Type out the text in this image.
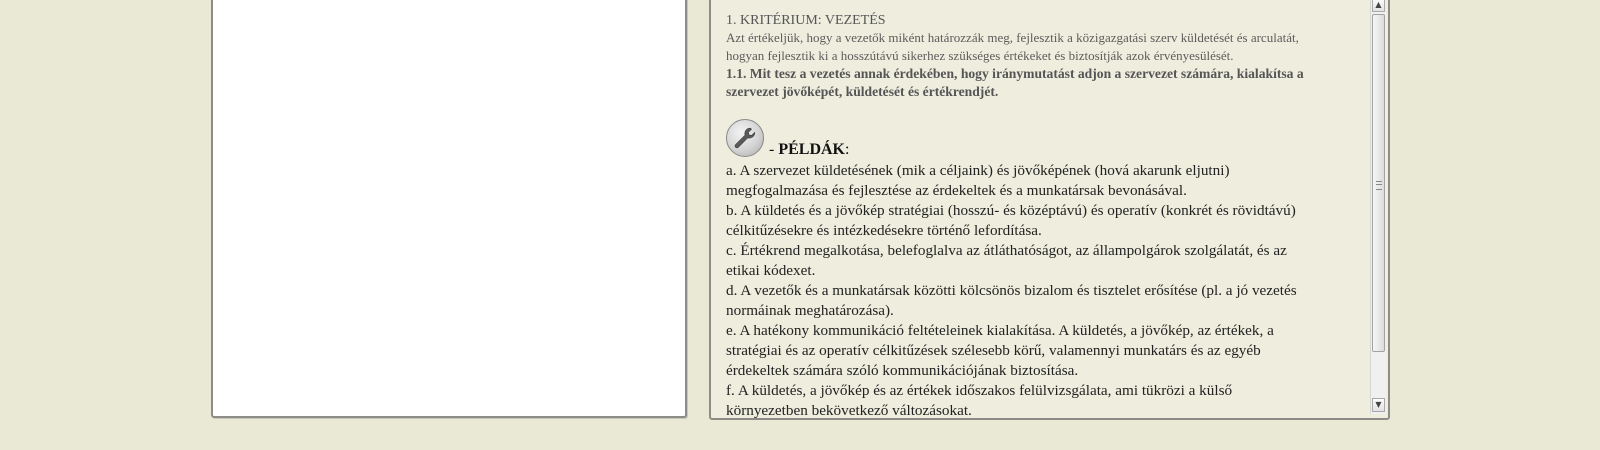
1. KRITÉRIUM: VEZETÉS

Azt értékeljük, hogy a vezetők miként határozzák meg, fejlesztik a közigazgatási szerv küldetését és arculatát,

hogyan fejlesztik ki a hosszútávú sikerhez szükséges értékeket és biztosítják azok érvényesülését.

1.1. Mit tesz a vezetés annak érdekében, hogy iránymutatást adjon a szervezet számára, kialakítsa a

szervezet jövőképét, küldetését és értékrendjét.

- PÉLDÁK:

a. A szervezet küldetésének (mik a céljaink) és jövőképének (hová akarunk eljutni)

megfogalmazása és fejlesztése az érdekeltek és a munkatársak bevonásával.

b. A küldetés és a jövőkép stratégiai (hosszú- és középtávú) és operatív (konkrét és rövidtávú)

célkitűzésekre és intézkedésekre történő lefordítása.

c. Értékrend megalkotása, belefoglalva az átláthatóságot, az állampolgárok szolgálatát, és az

etikai kódexet.

d. A vezetők és a munkatársak közötti kölcsönös bizalom és tisztelet erősítése (pl. a jó vezetés

normáinak meghatározása).

e. A hatékony kommunikáció feltételeinek kialakítása. A küldetés, a jövőkép, az értékek, a

stratégiai és az operatív célkitűzések szélesebb körű, valamennyi munkatárs és az egyéb

érdekeltek számára szóló kommunikációjának biztosítása.

f. A küldetés, a jövőkép és az értékek időszakos felülvizsgálata, ami tükrözi a külső

környezetben bekövetkező változásokat.

▲
▼
